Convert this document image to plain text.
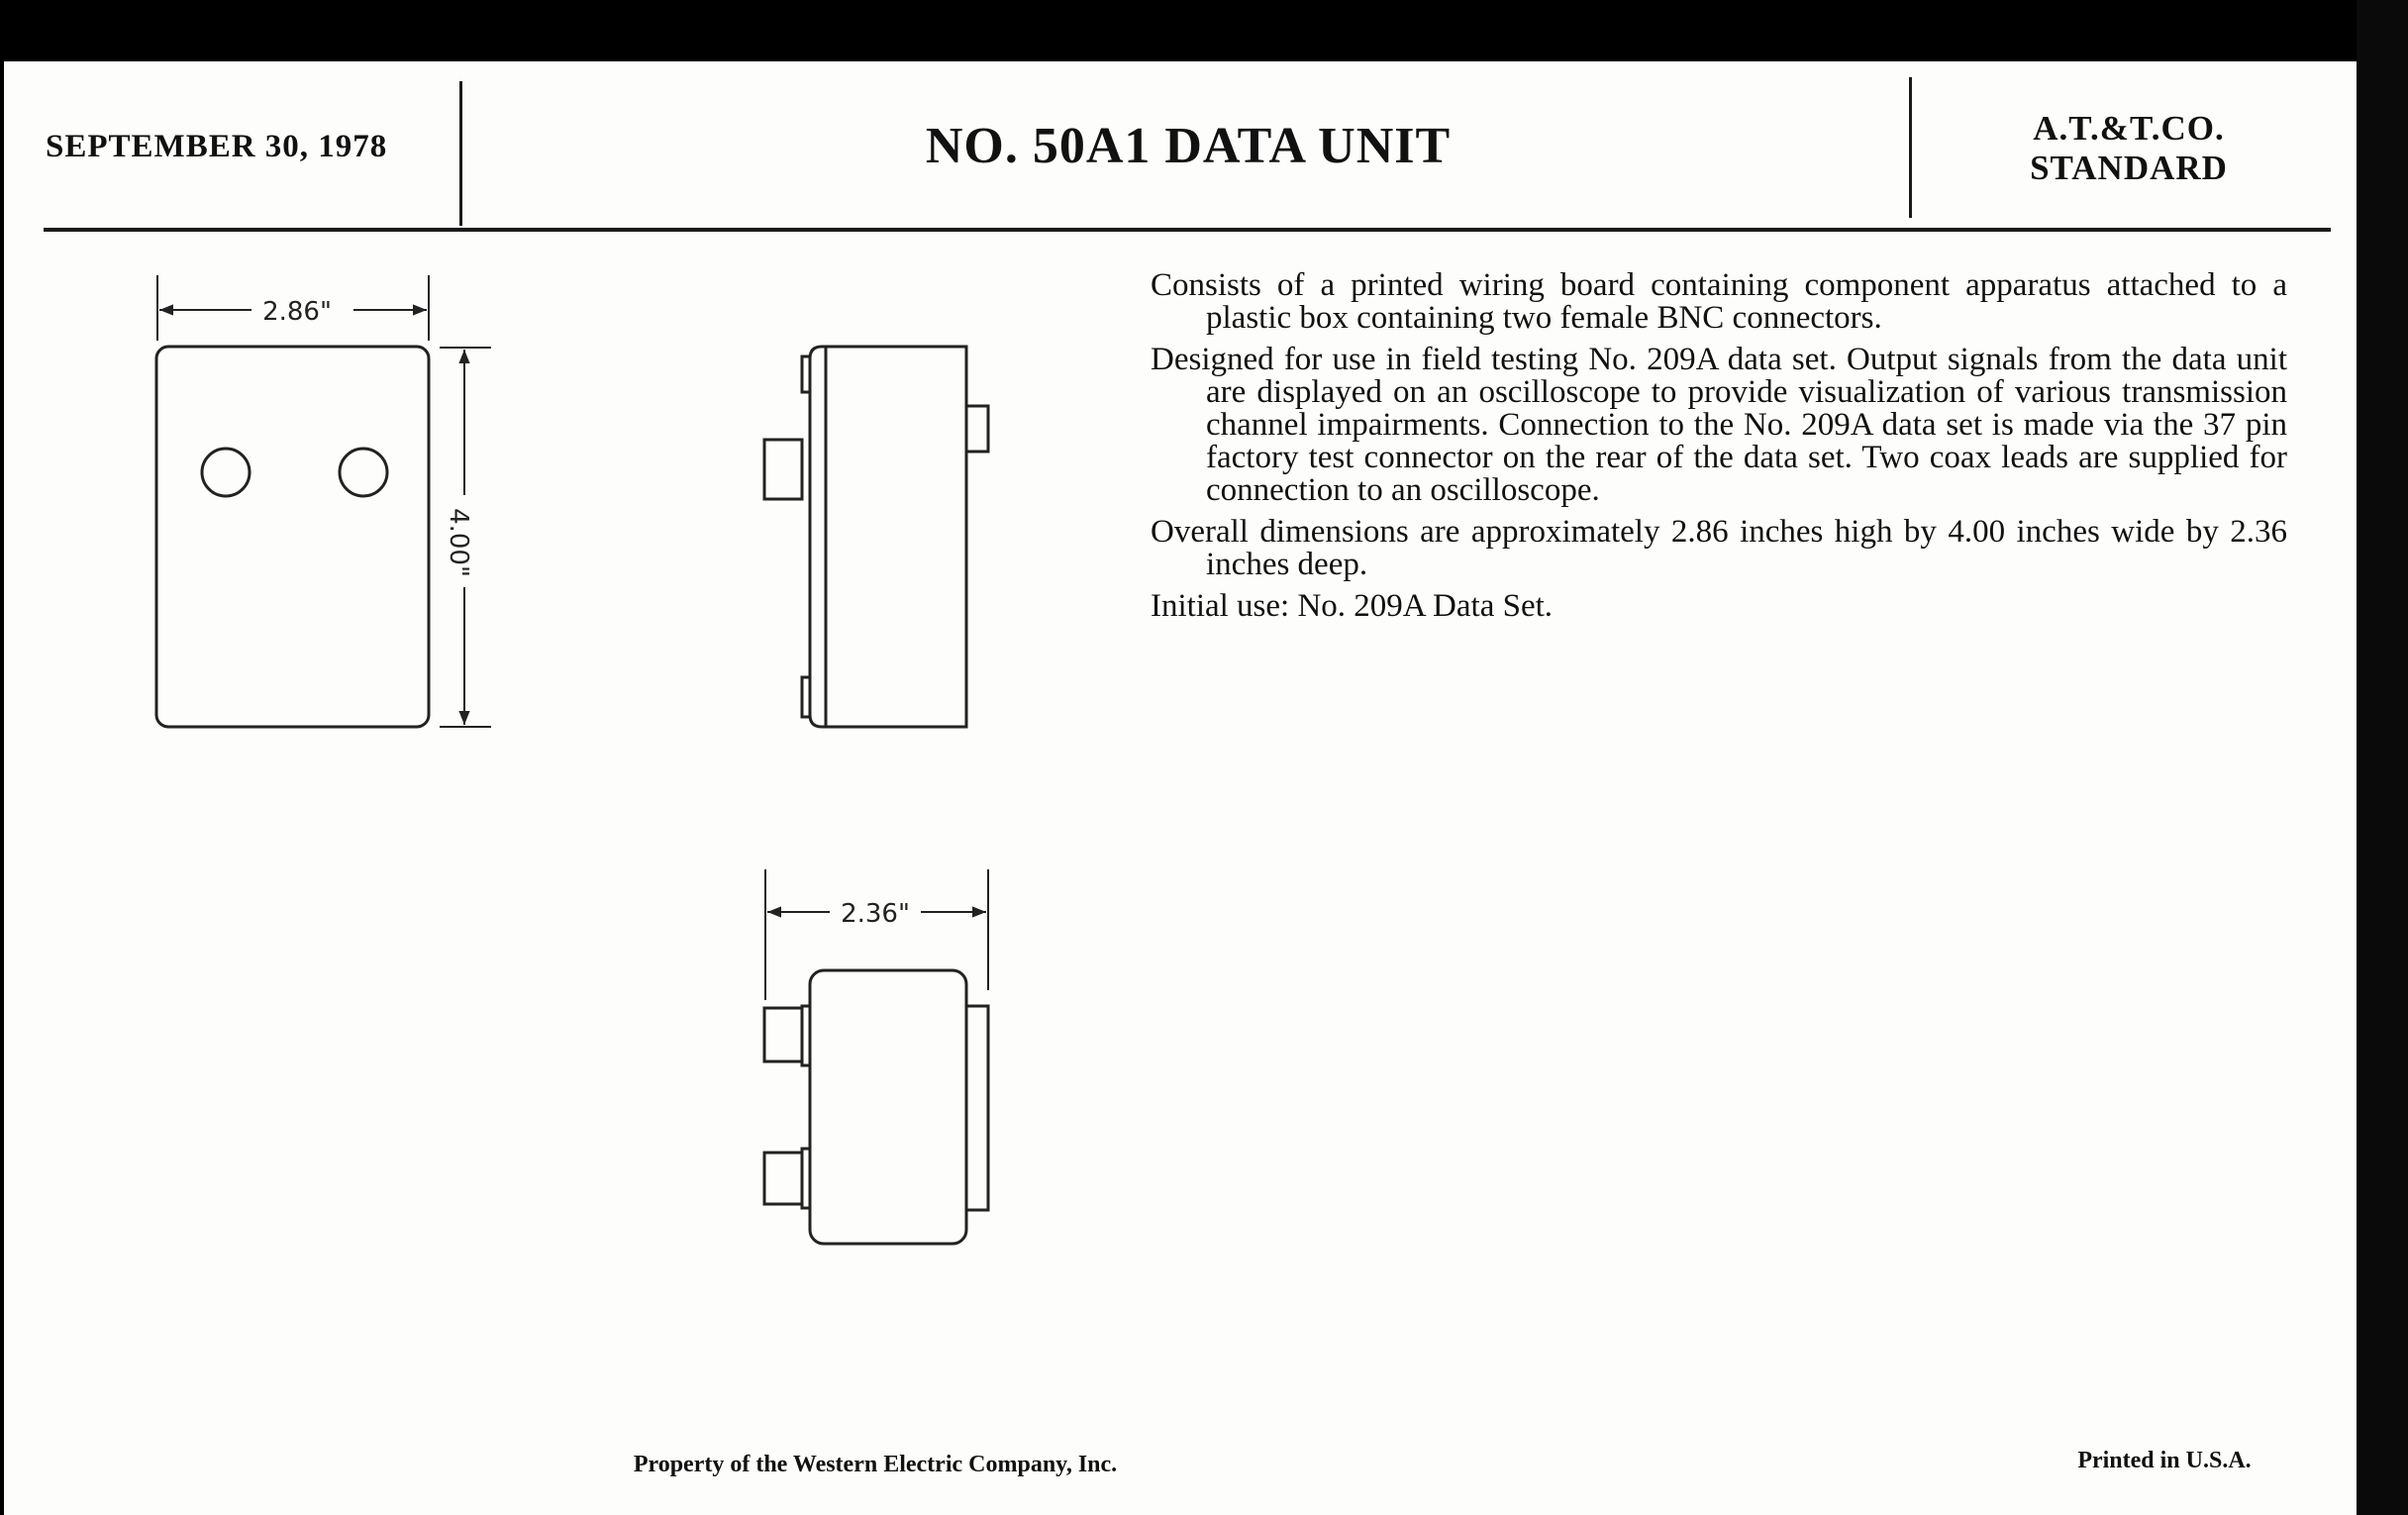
SEPTEMBER 30, 1978	NO. 50A1 DATA UNIT	A.T.&T.CO.
STANDARD
2.86"
4.00"
2.36"

Consists of a printed wiring board containing component apparatus attached to a plastic box containing two female BNC connectors.

Designed for use in field testing No. 209A data set. Output signals from the data unit are displayed on an oscilloscope to provide visualization of various transmission channel impairments. Connection to the No. 209A data set is made via the 37 pin factory test connector on the rear of the data set. Two coax leads are supplied for connection to an oscilloscope.

Overall dimensions are approximately 2.86 inches high by 4.00 inches wide by 2.36 inches deep.

Initial use: No. 209A Data Set.

Property of the Western Electric Company, Inc.	Printed in U.S.A.
